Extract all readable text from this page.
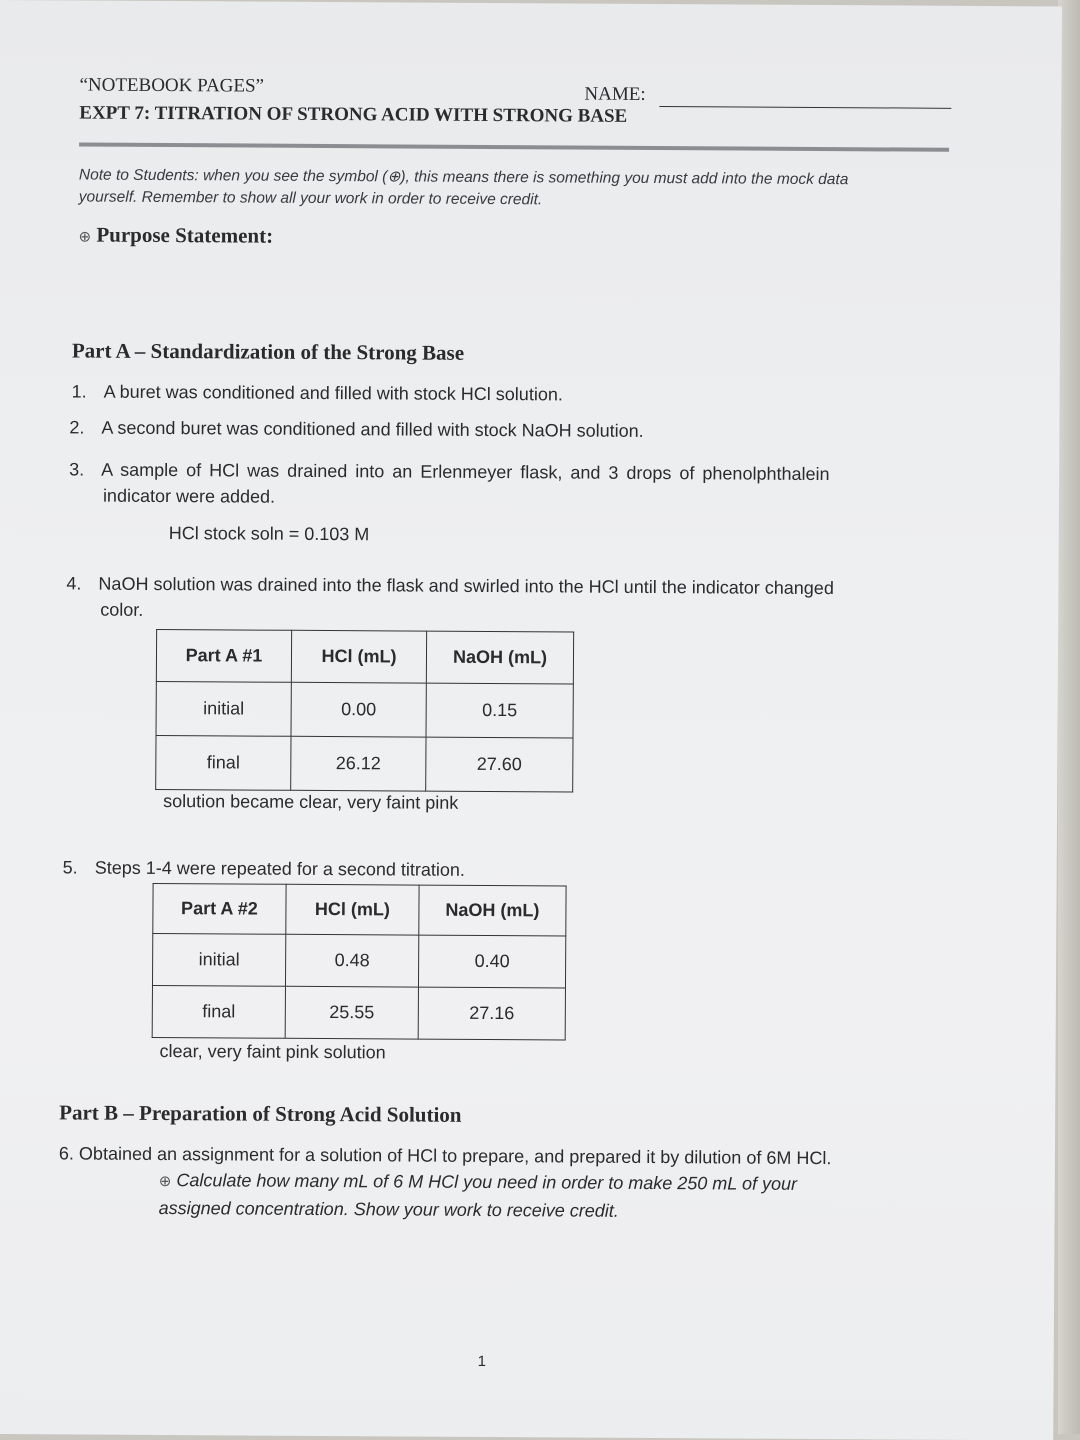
“NOTEBOOK PAGES”
EXPT 7: TITRATION OF STRONG ACID WITH STRONG BASE
NAME:
Note to Students: when you see the symbol (⊕), this means there is something you must add into the mock data
yourself. Remember to show all your work in order to receive credit.
⊕ Purpose Statement:
Part A – Standardization of the Strong Base
1. A buret was conditioned and filled with stock HCl solution.
2. A second buret was conditioned and filled with stock NaOH solution.
3. A sample of HCl was drained into an Erlenmeyer flask, and 3 drops of phenolphthalein
indicator were added.
HCl stock soln = 0.103 M
4. NaOH solution was drained into the flask and swirled into the HCl until the indicator changed
color.
Part A #1	HCl (mL)	NaOH (mL)
initial	0.00	0.15
final	26.12	27.60
solution became clear, very faint pink
5. Steps 1-4 were repeated for a second titration.
Part A #2	HCl (mL)	NaOH (mL)
initial	0.48	0.40
final	25.55	27.16
clear, very faint pink solution
Part B – Preparation of Strong Acid Solution
6. Obtained an assignment for a solution of HCl to prepare, and prepared it by dilution of 6M HCl.
⊕ Calculate how many mL of 6 M HCl you need in order to make 250 mL of your
assigned concentration. Show your work to receive credit.
1
